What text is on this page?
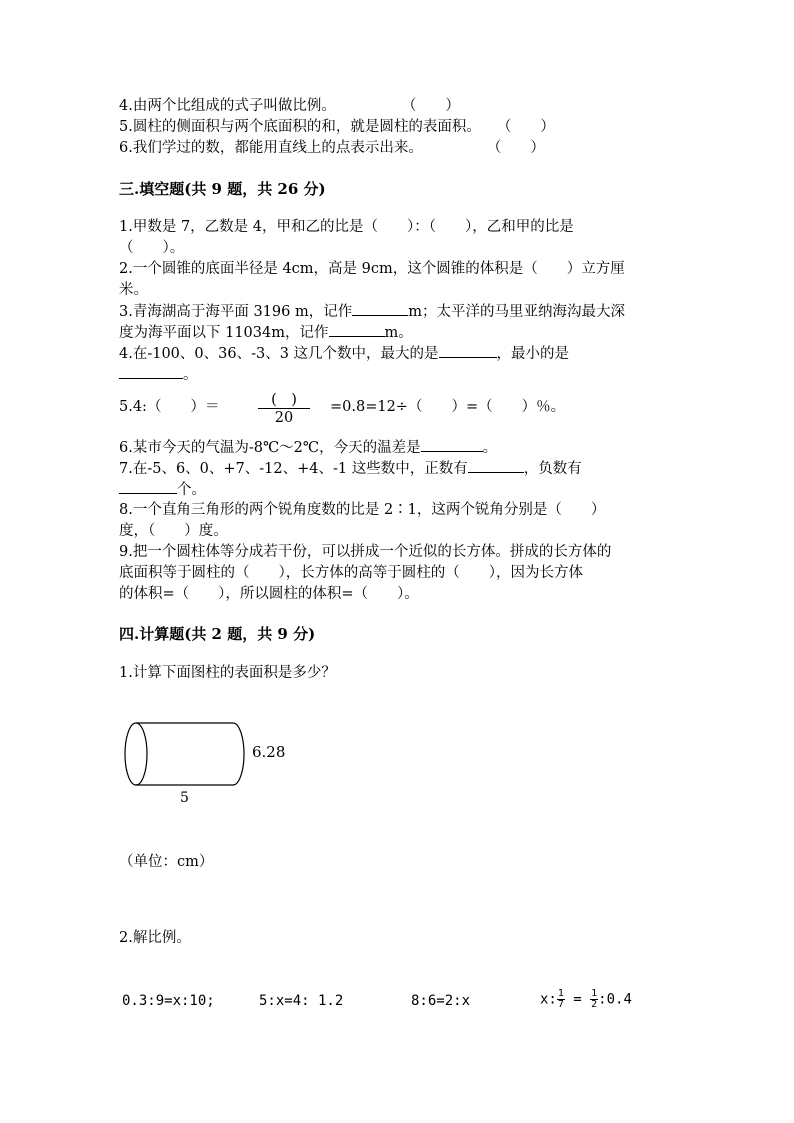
4.由两个比组成的式子叫做比例。	（　　）
5.圆柱的侧面积与两个底面积的和，就是圆柱的表面积。 （　　）
6.我们学过的数，都能用直线上的点表示出来。	（　　）
三.填空题(共 9 题，共 26 分)
1.甲数是 7，乙数是 4，甲和乙的比是（　　）：（　　），乙和甲的比是
（　　）。
2.一个圆锥的底面半径是 4cm，高是 9cm，这个圆锥的体积是（　　）立方厘
米。
3.青海湖高于海平面 3196 m，记作	m；太平洋的马里亚纳海沟最大深
度为海平面以下 11034m，记作	m。
4.在-100、0、36、-3、3 这几个数中，最大的是	，最小的是
。
5.4:（　　）＝	$\frac{( )}{20} =0.8=12\div$（　　）=（　　）％。
6.某市今天的气温为-8℃～2℃，今天的温差是	。
7.在-5、6、0、+7、-12、+4、-1 这些数中，正数有	，负数有
个。
8.一个直角三角形的两个锐角度数的比是 2∶1，这两个锐角分别是（　　）
度，（　　）度。
9.把一个圆柱体等分成若干份，可以拼成一个近似的长方体。拼成的长方体的
底面积等于圆柱的（　　），长方体的高等于圆柱的（　　），因为长方体
的体积=（　　），所以圆柱的体积=（　　）。
四.计算题(共 2 题，共 9 分)
1.计算下面图柱的表面积是多少？
6.28
5
（单位：cm）
2.解比例。
0.3:9=x:10;	5:x=4: 1.2	8:6=2:x	x: $\frac{1}{7} = \frac{1}{2}$ :0.4
